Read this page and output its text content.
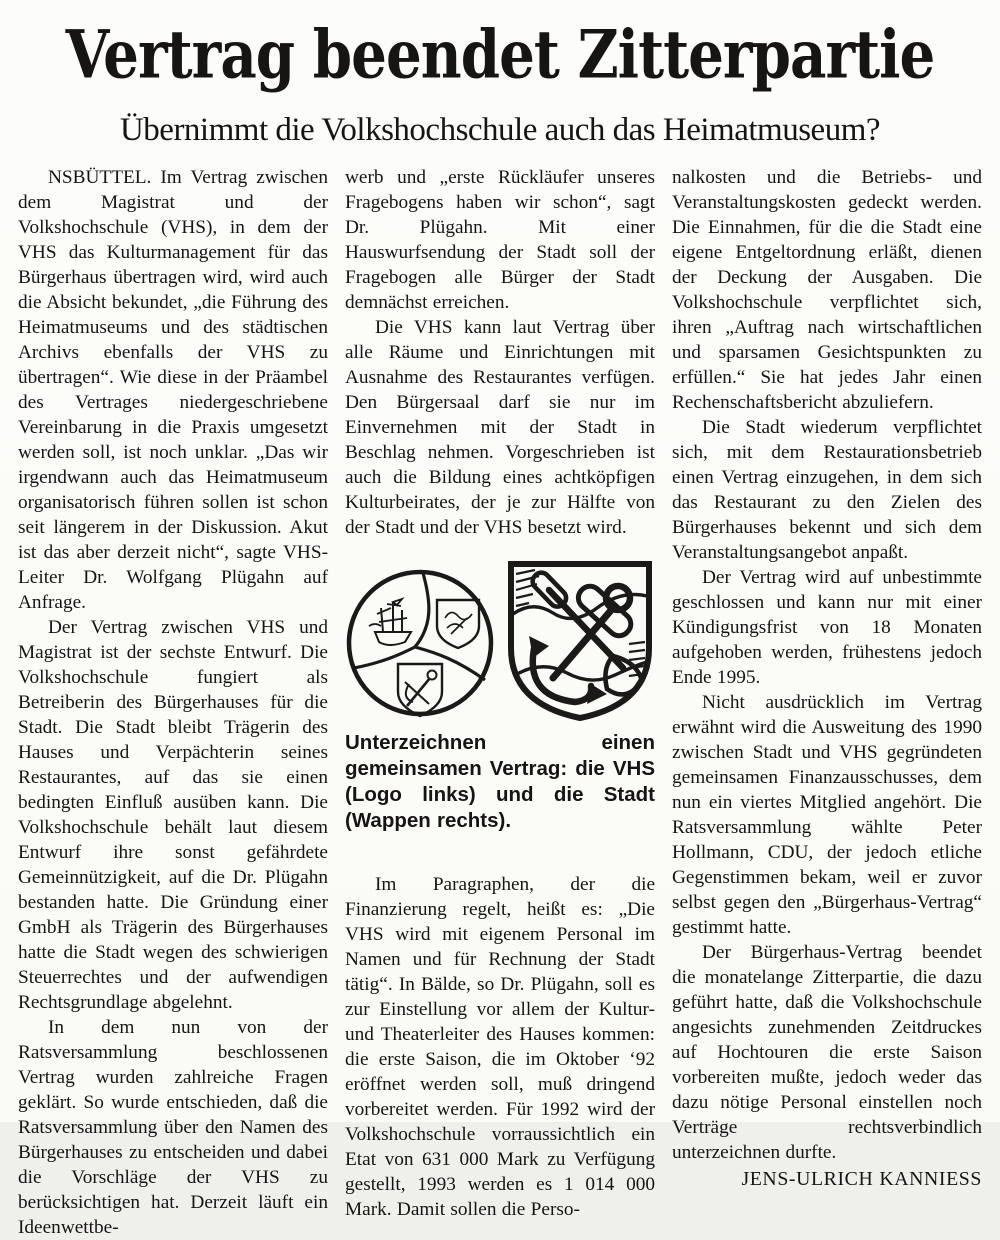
Vertrag beendet Zitterpartie
Übernimmt die Volkshochschule auch das Heimatmuseum?

NSBÜTTEL. Im Vertrag zwischen dem Magistrat und der Volkshochschule (VHS), in dem der VHS das Kulturmanagement für das Bürgerhaus übertragen wird, wird auch die Absicht bekundet, „die Führung des Heimatmuseums und des städtischen Archivs ebenfalls der VHS zu übertragen“. Wie diese in der Präambel des Vertrages niedergeschriebene Vereinbarung in die Praxis umgesetzt werden soll, ist noch unklar. „Das wir irgendwann auch das Heimatmuseum organisatorisch führen sollen ist schon seit längerem in der Diskussion. Akut ist das aber derzeit nicht“, sagte VHS-Leiter Dr. Wolfgang Plügahn auf Anfrage.

Der Vertrag zwischen VHS und Magistrat ist der sechste Entwurf. Die Volkshochschule fungiert als Betreiberin des Bürgerhauses für die Stadt. Die Stadt bleibt Trägerin des Hauses und Verpächterin seines Restaurantes, auf das sie einen bedingten Einfluß ausüben kann. Die Volkshochschule behält laut diesem Entwurf ihre sonst gefährdete Gemeinnützigkeit, auf die Dr. Plügahn bestanden hatte. Die Gründung einer GmbH als Trägerin des Bürgerhauses hatte die Stadt wegen des schwierigen Steuerrechtes und der aufwendigen Rechtsgrundlage abgelehnt.

In dem nun von der Ratsversammlung beschlossenen Vertrag wurden zahlreiche Fragen geklärt. So wurde entschieden, daß die Ratsversammlung über den Namen des Bürgerhauses zu entscheiden und dabei die Vorschläge der VHS zu berücksichtigen hat. Derzeit läuft ein Ideenwettbe-

werb und „erste Rückläufer unseres Fragebogens haben wir schon“, sagt Dr. Plügahn. Mit einer Hauswurfsendung der Stadt soll der Fragebogen alle Bürger der Stadt demnächst erreichen.

Die VHS kann laut Vertrag über alle Räume und Einrichtungen mit Ausnahme des Restaurantes verfügen. Den Bürgersaal darf sie nur im Einvernehmen mit der Stadt in Beschlag nehmen. Vorgeschrieben ist auch die Bildung eines achtköpfigen Kulturbeirates, der je zur Hälfte von der Stadt und der VHS besetzt wird.

Unterzeichnen einen gemeinsamen Vertrag: die VHS (Logo links) und die Stadt (Wappen rechts).

Im Paragraphen, der die Finanzierung regelt, heißt es: „Die VHS wird mit eigenem Personal im Namen und für Rechnung der Stadt tätig“. In Bälde, so Dr. Plügahn, soll es zur Einstellung vor allem der Kultur- und Theaterleiter des Hauses kommen: die erste Saison, die im Oktober ‘92 eröffnet werden soll, muß dringend vorbereitet werden. Für 1992 wird der Volkshochschule vorraussichtlich ein Etat von 631 000 Mark zu Verfügung gestellt, 1993 werden es 1 014 000 Mark. Damit sollen die Perso-

nalkosten und die Betriebs- und Veranstaltungskosten gedeckt werden. Die Einnahmen, für die die Stadt eine eigene Entgeltordnung erläßt, dienen der Deckung der Ausgaben. Die Volkshochschule verpflichtet sich, ihren „Auftrag nach wirtschaftlichen und sparsamen Gesichtspunkten zu erfüllen.“ Sie hat jedes Jahr einen Rechenschaftsbericht abzuliefern.

Die Stadt wiederum verpflichtet sich, mit dem Restaurationsbetrieb einen Vertrag einzugehen, in dem sich das Restaurant zu den Zielen des Bürgerhauses bekennt und sich dem Veranstaltungsangebot anpaßt.

Der Vertrag wird auf unbestimmte geschlossen und kann nur mit einer Kündigungsfrist von 18 Monaten aufgehoben werden, frühestens jedoch Ende 1995.

Nicht ausdrücklich im Vertrag erwähnt wird die Ausweitung des 1990 zwischen Stadt und VHS gegründeten gemeinsamen Finanzausschusses, dem nun ein viertes Mitglied angehört. Die Ratsversammlung wählte Peter Hollmann, CDU, der jedoch etliche Gegenstimmen bekam, weil er zuvor selbst gegen den „Bürgerhaus-Vertrag“ gestimmt hatte.

Der Bürgerhaus-Vertrag beendet die monatelange Zitterpartie, die dazu geführt hatte, daß die Volkshochschule angesichts zunehmenden Zeitdruckes auf Hochtouren die erste Saison vorbereiten mußte, jedoch weder das dazu nötige Personal einstellen noch Verträge rechtsverbindlich unterzeichnen durfte.

JENS-ULRICH KANNIESS
